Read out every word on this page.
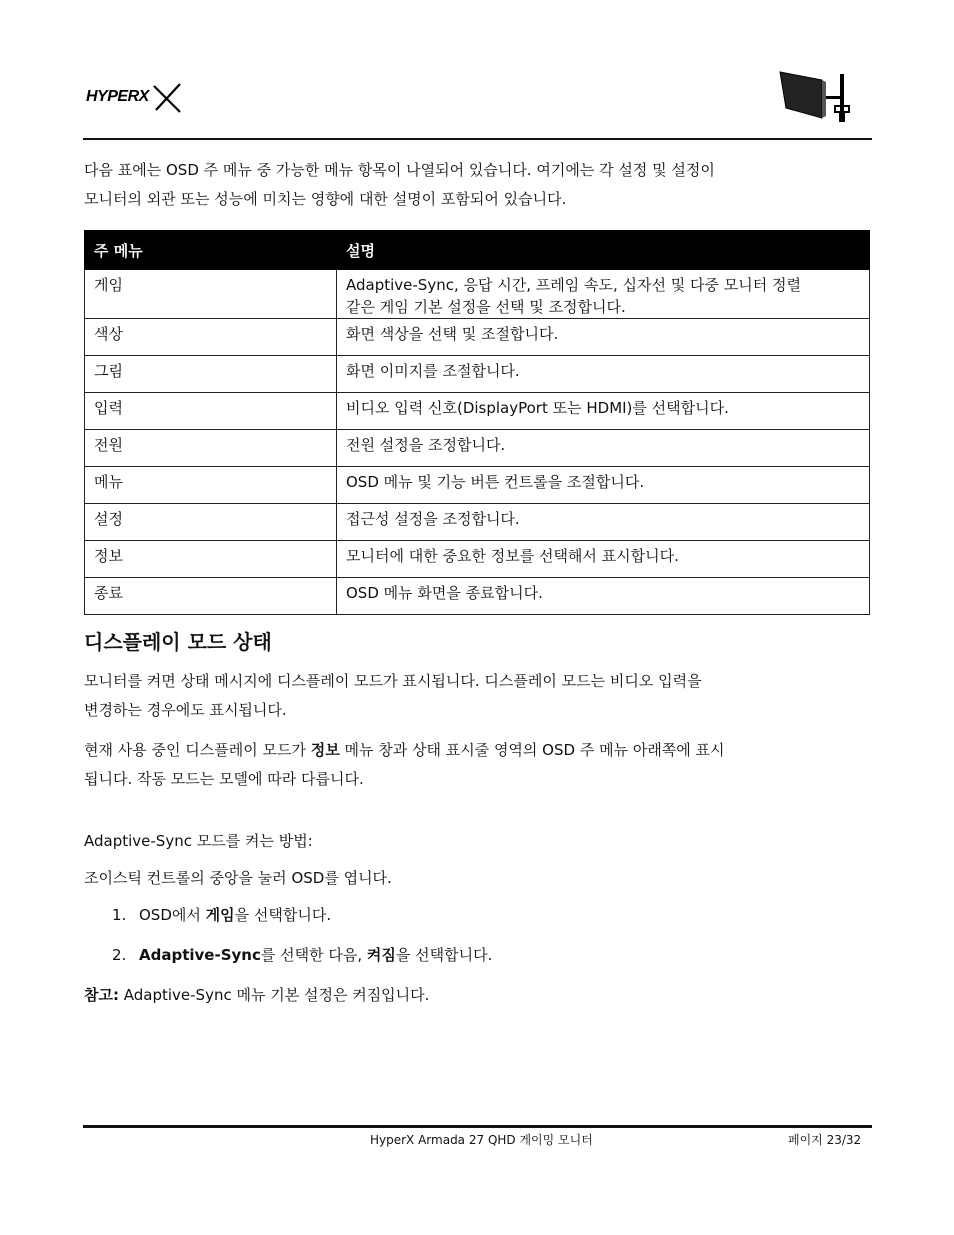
HYPERX

다음 표에는 OSD 주 메뉴 중 가능한 메뉴 항목이 나열되어 있습니다. 여기에는 각 설정 및 설정이
모니터의 외관 또는 성능에 미치는 영향에 대한 설명이 포함되어 있습니다.

주 메뉴	설명
게임	Adaptive-Sync, 응답 시간, 프레임 속도, 십자선 및 다중 모니터 정렬
같은 게임 기본 설정을 선택 및 조정합니다.
색상	화면 색상을 선택 및 조절합니다.
그림	화면 이미지를 조절합니다.
입력	비디오 입력 신호(DisplayPort 또는 HDMI)를 선택합니다.
전원	전원 설정을 조정합니다.
메뉴	OSD 메뉴 및 기능 버튼 컨트롤을 조절합니다.
설정	접근성 설정을 조정합니다.
정보	모니터에 대한 중요한 정보를 선택해서 표시합니다.
종료	OSD 메뉴 화면을 종료합니다.
디스플레이 모드 상태

모니터를 켜면 상태 메시지에 디스플레이 모드가 표시됩니다. 디스플레이 모드는 비디오 입력을
변경하는 경우에도 표시됩니다.

현재 사용 중인 디스플레이 모드가 정보 메뉴 창과 상태 표시줄 영역의 OSD 주 메뉴 아래쪽에 표시
됩니다. 작동 모드는 모델에 따라 다릅니다.

Adaptive-Sync 모드를 켜는 방법:

조이스틱 컨트롤의 중앙을 눌러 OSD를 엽니다.

1. OSD에서 게임을 선택합니다.
2. Adaptive-Sync를 선택한 다음, 켜짐을 선택합니다.

참고: Adaptive-Sync 메뉴 기본 설정은 켜짐입니다.

HyperX Armada 27 QHD 게이밍 모니터	페이지 23/32
